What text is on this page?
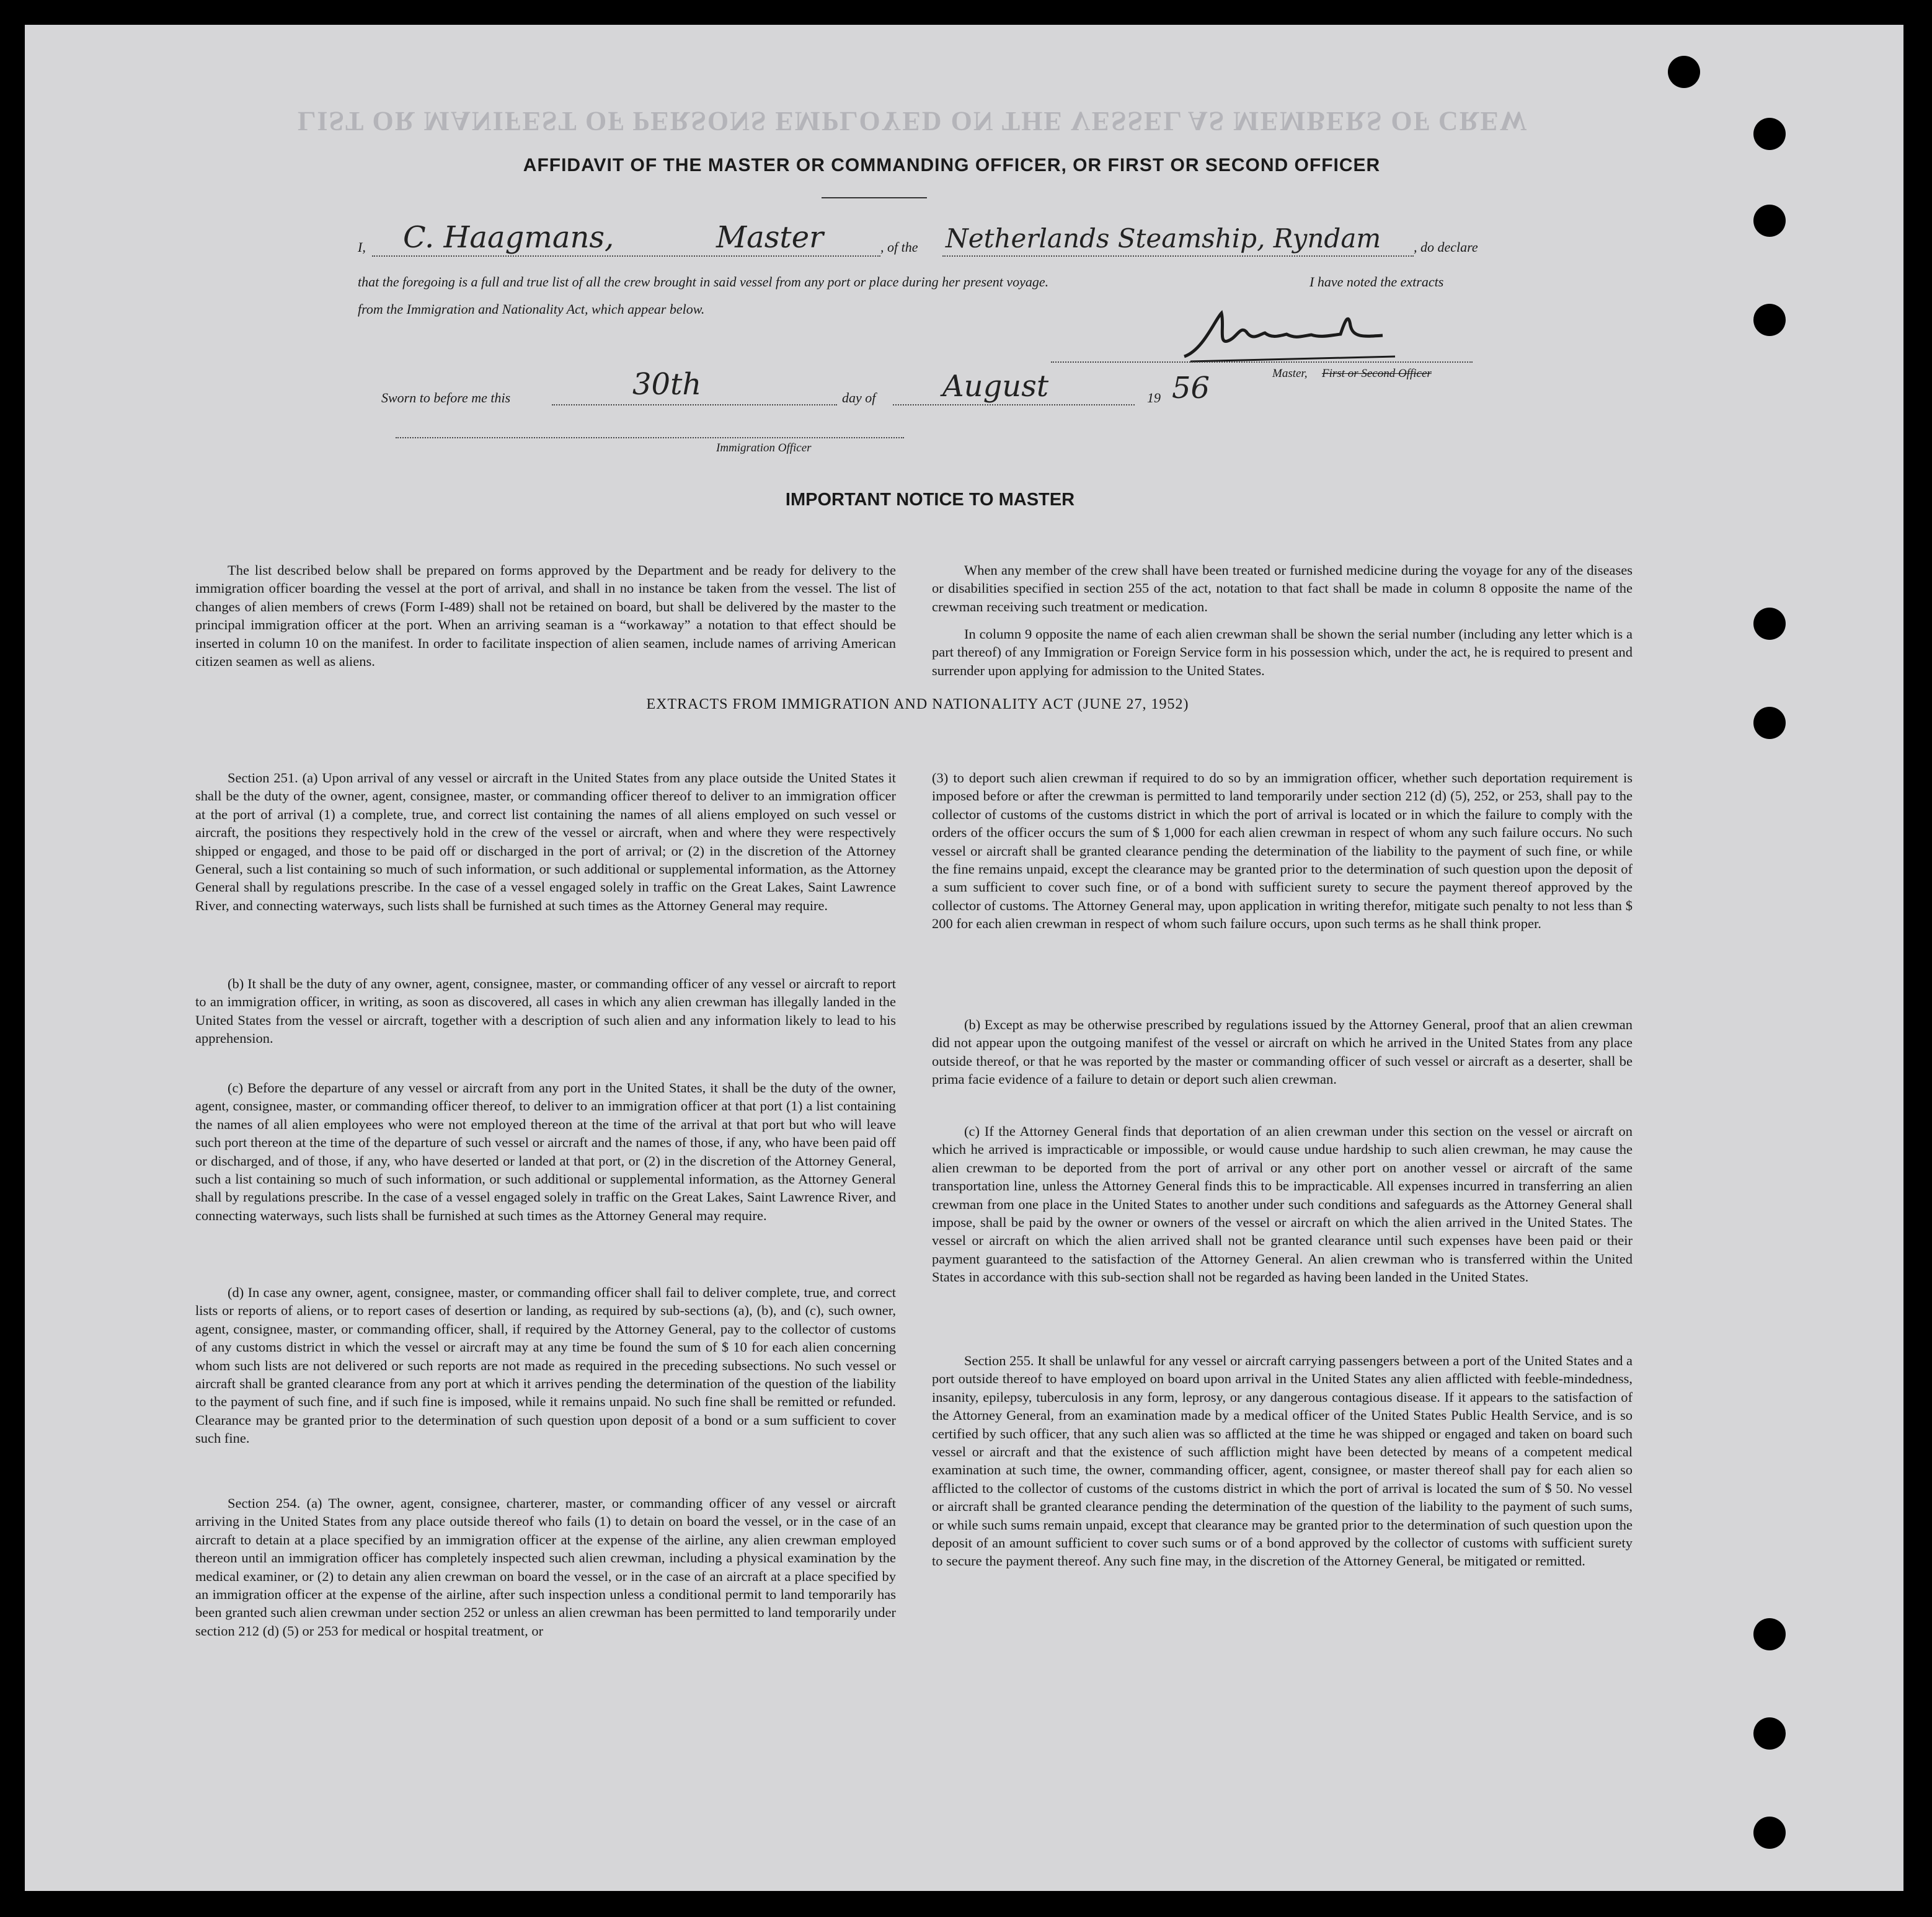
LIST OR MANIFEST OF PERSONS EMPLOYED ON THE VESSEL AS MEMBERS OF CREW
AFFIDAVIT OF THE MASTER OR COMMANDING OFFICER, OR FIRST OR SECOND OFFICER
I, C. Haagmans,	Master	, of the Netherlands Steamship, Ryndam , do declare
that the foregoing is a full and true list of all the crew brought in said vessel from any port or place during her present voyage.	I have noted the extracts
from the Immigration and Nationality Act, which appear below.
Master, First or Second Officer
Sworn to before me this	30th	day of August	19 56
Immigration Officer
IMPORTANT NOTICE TO MASTER

The list described below shall be prepared on forms approved by the Department and be ready for delivery to the immigration officer boarding the vessel at the port of arrival, and shall in no instance be taken from the vessel. The list of changes of alien members of crews (Form I-489) shall not be retained on board, but shall be delivered by the master to the principal immigration officer at the port. When an arriving seaman is a “workaway” a notation to that effect should be inserted in column 10 on the manifest. In order to facilitate inspection of alien seamen, include names of arriving American citizen seamen as well as aliens.

When any member of the crew shall have been treated or furnished medicine during the voyage for any of the diseases or disabilities specified in section 255 of the act, notation to that fact shall be made in column 8 opposite the name of the crewman receiving such treatment or medication.

In column 9 opposite the name of each alien crewman shall be shown the serial number (including any letter which is a part thereof) of any Immigration or Foreign Service form in his possession which, under the act, he is required to present and surrender upon applying for admission to the United States.

EXTRACTS FROM IMMIGRATION AND NATIONALITY ACT (JUNE 27, 1952)

Section 251. (a) Upon arrival of any vessel or aircraft in the United States from any place outside the United States it shall be the duty of the owner, agent, consignee, master, or commanding officer thereof to deliver to an immigration officer at the port of arrival (1) a complete, true, and correct list containing the names of all aliens employed on such vessel or aircraft, the positions they respectively hold in the crew of the vessel or aircraft, when and where they were respectively shipped or engaged, and those to be paid off or discharged in the port of arrival; or (2) in the discretion of the Attorney General, such a list containing so much of such information, or such additional or supplemental information, as the Attorney General shall by regulations prescribe. In the case of a vessel engaged solely in traffic on the Great Lakes, Saint Lawrence River, and connecting waterways, such lists shall be furnished at such times as the Attorney General may require.

(b) It shall be the duty of any owner, agent, consignee, master, or commanding officer of any vessel or aircraft to report to an immigration officer, in writing, as soon as discovered, all cases in which any alien crewman has illegally landed in the United States from the vessel or aircraft, together with a description of such alien and any information likely to lead to his apprehension.

(c) Before the departure of any vessel or aircraft from any port in the United States, it shall be the duty of the owner, agent, consignee, master, or commanding officer thereof, to deliver to an immigration officer at that port (1) a list containing the names of all alien employees who were not employed thereon at the time of the arrival at that port but who will leave such port thereon at the time of the departure of such vessel or aircraft and the names of those, if any, who have been paid off or discharged, and of those, if any, who have deserted or landed at that port, or (2) in the discretion of the Attorney General, such a list containing so much of such information, or such additional or supplemental information, as the Attorney General shall by regulations prescribe. In the case of a vessel engaged solely in traffic on the Great Lakes, Saint Lawrence River, and connecting waterways, such lists shall be furnished at such times as the Attorney General may require.

(d) In case any owner, agent, consignee, master, or commanding officer shall fail to deliver complete, true, and correct lists or reports of aliens, or to report cases of desertion or landing, as required by sub-sections (a), (b), and (c), such owner, agent, consignee, master, or commanding officer, shall, if required by the Attorney General, pay to the collector of customs of any customs district in which the vessel or aircraft may at any time be found the sum of $ 10 for each alien concerning whom such lists are not delivered or such reports are not made as required in the preceding subsections. No such vessel or aircraft shall be granted clearance from any port at which it arrives pending the determination of the question of the liability to the payment of such fine, and if such fine is imposed, while it remains unpaid. No such fine shall be remitted or refunded. Clearance may be granted prior to the determination of such question upon deposit of a bond or a sum sufficient to cover such fine.

Section 254. (a) The owner, agent, consignee, charterer, master, or commanding officer of any vessel or aircraft arriving in the United States from any place outside thereof who fails (1) to detain on board the vessel, or in the case of an aircraft to detain at a place specified by an immigration officer at the expense of the airline, any alien crewman employed thereon until an immigration officer has completely inspected such alien crewman, including a physical examination by the medical examiner, or (2) to detain any alien crewman on board the vessel, or in the case of an aircraft at a place specified by an immigration officer at the expense of the airline, after such inspection unless a conditional permit to land temporarily has been granted such alien crewman under section 252 or unless an alien crewman has been permitted to land temporarily under section 212 (d) (5) or 253 for medical or hospital treatment, or

(3) to deport such alien crewman if required to do so by an immigration officer, whether such deportation requirement is imposed before or after the crewman is permitted to land temporarily under section 212 (d) (5), 252, or 253, shall pay to the collector of customs of the customs district in which the port of arrival is located or in which the failure to comply with the orders of the officer occurs the sum of $ 1,000 for each alien crewman in respect of whom any such failure occurs. No such vessel or aircraft shall be granted clearance pending the determination of the liability to the payment of such fine, or while the fine remains unpaid, except the clearance may be granted prior to the determination of such question upon the deposit of a sum sufficient to cover such fine, or of a bond with sufficient surety to secure the payment thereof approved by the collector of customs. The Attorney General may, upon application in writing therefor, mitigate such penalty to not less than $ 200 for each alien crewman in respect of whom such failure occurs, upon such terms as he shall think proper.

(b) Except as may be otherwise prescribed by regulations issued by the Attorney General, proof that an alien crewman did not appear upon the outgoing manifest of the vessel or aircraft on which he arrived in the United States from any place outside thereof, or that he was reported by the master or commanding officer of such vessel or aircraft as a deserter, shall be prima facie evidence of a failure to detain or deport such alien crewman.

(c) If the Attorney General finds that deportation of an alien crewman under this section on the vessel or aircraft on which he arrived is impracticable or impossible, or would cause undue hardship to such alien crewman, he may cause the alien crewman to be deported from the port of arrival or any other port on another vessel or aircraft of the same transportation line, unless the Attorney General finds this to be impracticable. All expenses incurred in transferring an alien crewman from one place in the United States to another under such conditions and safeguards as the Attorney General shall impose, shall be paid by the owner or owners of the vessel or aircraft on which the alien arrived in the United States. The vessel or aircraft on which the alien arrived shall not be granted clearance until such expenses have been paid or their payment guaranteed to the satisfaction of the Attorney General. An alien crewman who is transferred within the United States in accordance with this sub-section shall not be regarded as having been landed in the United States.

Section 255. It shall be unlawful for any vessel or aircraft carrying passengers between a port of the United States and a port outside thereof to have employed on board upon arrival in the United States any alien afflicted with feeble-mindedness, insanity, epilepsy, tuberculosis in any form, leprosy, or any dangerous contagious disease. If it appears to the satisfaction of the Attorney General, from an examination made by a medical officer of the United States Public Health Service, and is so certified by such officer, that any such alien was so afflicted at the time he was shipped or engaged and taken on board such vessel or aircraft and that the existence of such affliction might have been detected by means of a competent medical examination at such time, the owner, commanding officer, agent, consignee, or master thereof shall pay for each alien so afflicted to the collector of customs of the customs district in which the port of arrival is located the sum of $ 50. No vessel or aircraft shall be granted clearance pending the determination of the question of the liability to the payment of such sums, or while such sums remain unpaid, except that clearance may be granted prior to the determination of such question upon the deposit of an amount sufficient to cover such sums or of a bond approved by the collector of customs with sufficient surety to secure the payment thereof. Any such fine may, in the discretion of the Attorney General, be mitigated or remitted.
